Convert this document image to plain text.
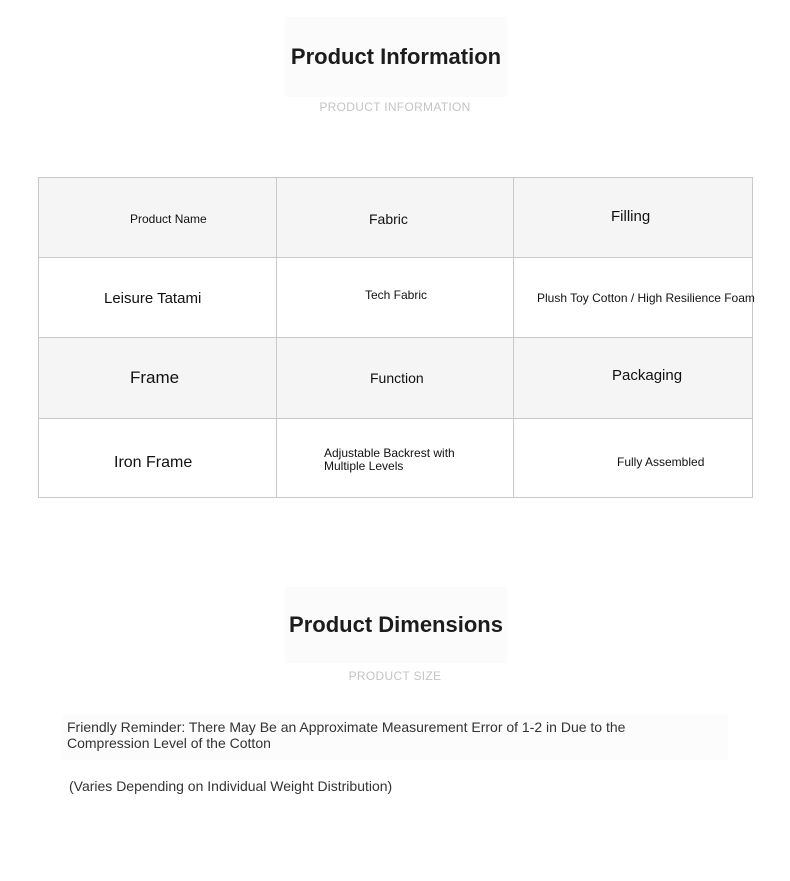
Product Information
PRODUCT INFORMATION
Product Name	Fabric	Filling

Leisure Tatami	Tech Fabric	Plush Toy Cotton / High Resilience Foam

Frame	Function	Packaging

Iron Frame	Adjustable Backrest with Multiple Levels	Fully Assembled
Product Dimensions
PRODUCT SIZE
Friendly Reminder: There May Be an Approximate Measurement Error of 1-2 in Due to the Compression Level of the Cotton
(Varies Depending on Individual Weight Distribution)
